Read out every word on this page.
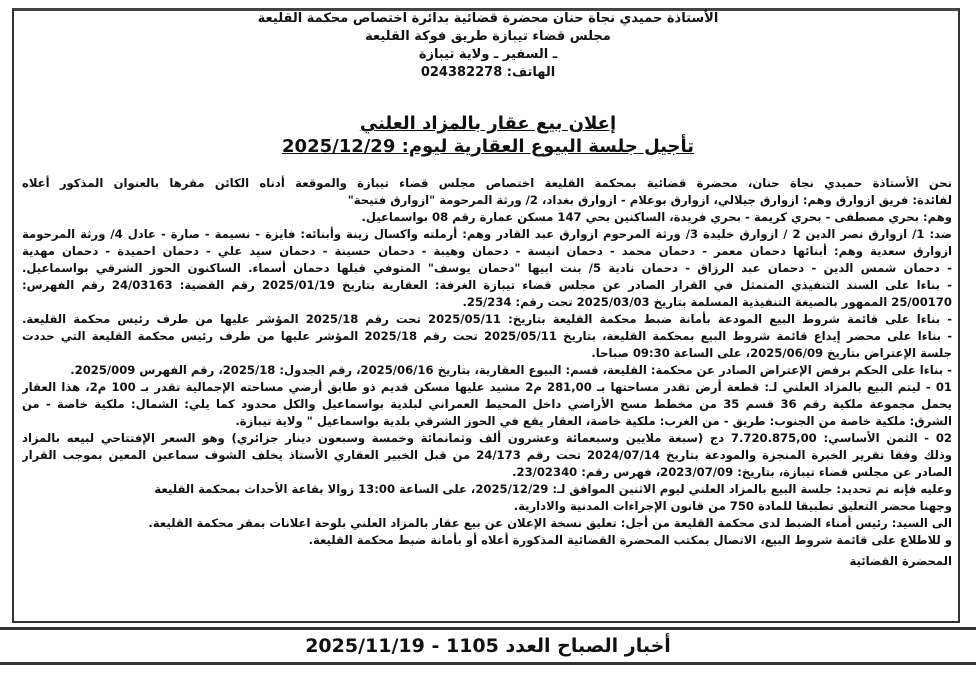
الأستاذة حميدي نجاة حنان محضرة قضائية بدائرة اختصاص محكمة القليعة
مجلس قضاء تيبازة طريق فوكة القليعة
ـ السفير ـ ولاية تيبازة
الهاتف: 024382278
إعلان بيع عقار بالمزاد العلني
تأجيل جلسة البيوع العقارية ليوم: 2025/12/29
نحن الأستاذة حميدي نجاة حنان، محضرة قضائية بمحكمة القليعة اختصاص مجلس قضاء تيبازة والموقعة أدناه الكائن مقرها بالعنوان المذكور أعلاه
لفائدة: فريق ازوارق وهم: ازوارق جيلالي، ازوارق بوعلام - ازوارق بغداد، 2/ ورثة المرحومة "ازوارق فتيحة"
وهم: بحري مصطفى - بحري كريمة - بحري فريدة، الساكنين بحي 147 مسكن عمارة رقم 08 بواسماعيل.
ضد: 1/ ازوارق نصر الدين 2 / ازوارق خليدة 3/ ورثة المرحوم ازوارق عبد القادر وهم: أرملته واكسال زينة وأبنائه: فايزة - نسيمة - صارة - عادل 4/ ورثة المرحومة
ازوارق سعدية وهم: أبنائها دحمان معمر - دحمان محمد - دحمان انيسة - دحمان وهيبة - دحمان حسينة - دحمان سيد علي - دحمان احميدة - دحمان مهدية
- دحمان شمس الدين - دحمان عبد الرزاق - دحمان نادية 5/ بنت ابيها "دحمان يوسف" المتوفي قبلها دحمان أسماء. الساكنون الحوز الشرقي بواسماعيل.
- بناءا على السند التنفيذي المتمثل في القرار الصادر عن مجلس قضاء تيبازة الغرفة: العقارية بتاريخ 2025/01/19 رقم القضية: 24/03163 رقم الفهرس:
25/00170 الممهور بالصيغة التنفيذية المسلمة بتاريخ 2025/03/03 تحت رقم: 25/234.
- بناءا على قائمة شروط البيع المودعة بأمانة ضبط محكمة القليعة بتاريخ: 2025/05/11 تحت رقم 2025/18 المؤشر عليها من طرف رئيس محكمة القليعة.
- بناءا على محضر إيداع قائمة شروط البيع بمحكمة القليعة، بتاريخ 2025/05/11 تحت رقم 2025/18 المؤشر عليها من طرف رئيس محكمة القليعة التي حددت
جلسة الإعتراض بتاريخ 2025/06/09، على الساعة 09:30 صباحا.
- بناءا على الحكم برفض الإعتراض الصادر عن محكمة: القليعة، قسم: البيوع العقارية، بتاريخ 2025/06/16، رقم الجدول: 2025/18، رقم الفهرس 2025/009.
01 - ليتم البيع بالمزاد العلني لـ: قطعة أرض تقدر مساحتها بـ 281,00 م2 مشيد عليها مسكن قديم ذو طابق أرضي مساحته الإجمالية تقدر بـ 100 م2، هذا العقار
يحمل مجموعة ملكية رقم 36 قسم 35 من مخطط مسح الأراضي داخل المحيط العمراني لبلدية بواسماعيل والكل محدود كما يلي: الشمال: ملكية خاصة - من
الشرق: ملكية خاصة من الجنوب: طريق - من الغرب: ملكية خاصة، العقار يقع في الحوز الشرقي بلدية بواسماعيل " ولاية تيبازة.
02 - الثمن الأساسي: 7.720.875,00 دج (سبعة ملايين وسبعمائة وعشرون ألف وثمانمائة وخمسة وسبعون دينار جزائري) وهو السعر الإفتتاحي لبيعه بالمزاد
وذلك وفقا تقرير الخبرة المنجزة والمودعة بتاريخ 2024/07/14 تحت رقم 24/173 من قبل الخبير العقاري الأستاذ يخلف الشوف سماعين المعين بموجب القرار
الصادر عن مجلس قضاء تيبازة، بتاريخ: 2023/07/09، فهرس رقم: 23/02340.
وعليه فإنه تم تحديد: جلسة البيع بالمزاد العلني ليوم الاثنين الموافق لـ: 2025/12/29، على الساعة 13:00 زوالا بقاعة الأحداث بمحكمة القليعة
وجهنا محضر التعليق تطبيقا للمادة 750 من قانون الإجراءات المدنية والادارية.
الى السيد: رئيس أمناء الضبط لدى محكمة القليعة من أجل: تعليق نسخة الإعلان عن بيع عقار بالمزاد العلني بلوحة اعلانات بمقر محكمة القليعة.
و للاطلاع على قائمة شروط البيع، الاتصال بمكتب المحضرة القضائية المذكورة أعلاه أو بأمانة ضبط محكمة القليعة.
المحضرة القضائية
أخبار الصباح العدد 1105 - 2025/11/19
